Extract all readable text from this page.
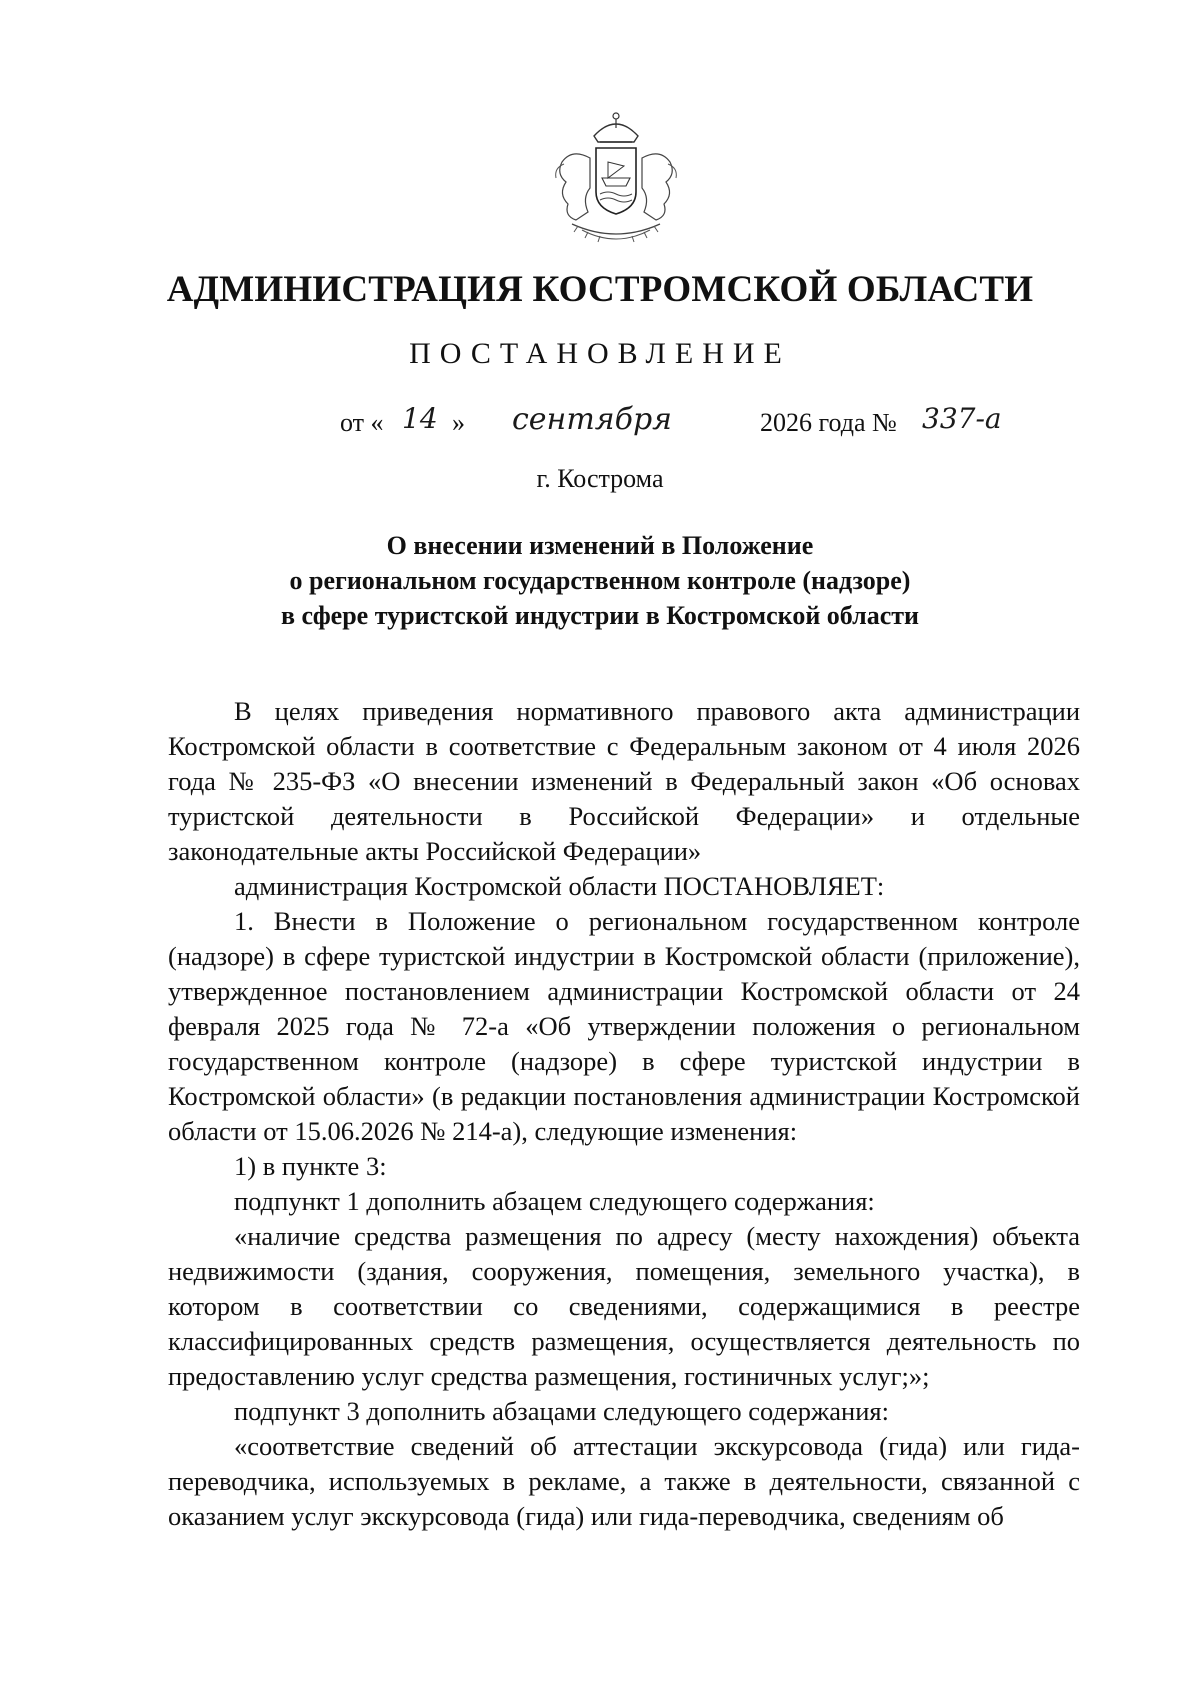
АДМИНИСТРАЦИЯ КОСТРОМСКОЙ ОБЛАСТИ
ПОСТАНОВЛЕНИЕ
от « 14 » сентября	2026 года № 337-а
г. Кострома
О внесении изменений в Положение
о региональном государственном контроле (надзоре)
в сфере туристской индустрии в Костромской области

В целях приведения нормативного правового акта администрации Костромской области в соответствие с Федеральным законом от 4 июля 2026 года № 235-ФЗ «О внесении изменений в Федеральный закон «Об основах туристской деятельности в Российской Федерации» и отдельные законодательные акты Российской Федерации»

администрация Костромской области ПОСТАНОВЛЯЕТ:

1. Внести в Положение о региональном государственном контроле (надзоре) в сфере туристской индустрии в Костромской области (приложение), утвержденное постановлением администрации Костромской области от 24 февраля 2025 года № 72-а «Об утверждении положения о региональном государственном контроле (надзоре) в сфере туристской индустрии в Костромской области» (в редакции постановления администрации Костромской области от 15.06.2026 № 214-а), следующие изменения:

1) в пункте 3:

подпункт 1 дополнить абзацем следующего содержания:

«наличие средства размещения по адресу (месту нахождения) объекта недвижимости (здания, сооружения, помещения, земельного участка), в котором в соответствии со сведениями, содержащимися в реестре классифицированных средств размещения, осуществляется деятельность по предоставлению услуг средства размещения, гостиничных услуг;»;

подпункт 3 дополнить абзацами следующего содержания:

«соответствие сведений об аттестации экскурсовода (гида) или гида-переводчика, используемых в рекламе, а также в деятельности, связанной с оказанием услуг экскурсовода (гида) или гида-переводчика, сведениям об
